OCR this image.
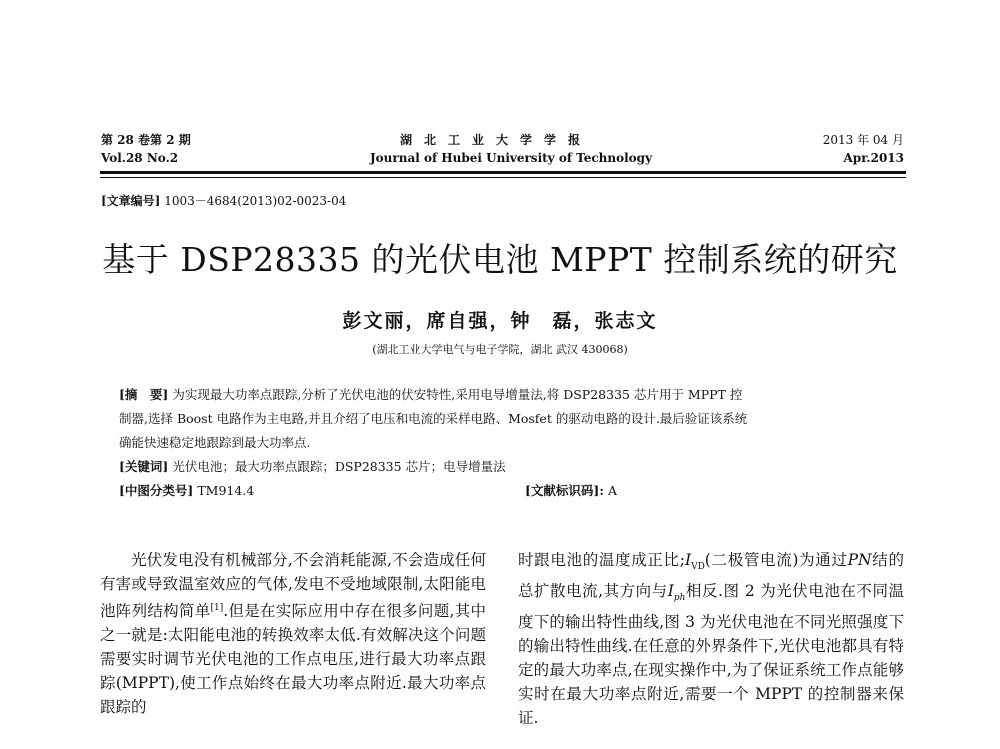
第 28 卷第 2 期
Vol.28 No.2
湖　北　工　业　大　学　学　报
Journal of Hubei University of Technology
2013 年 04 月
Apr.2013
[文章编号] 1003－4684(2013)02-0023-04
基于 DSP28335 的光伏电池 MPPT 控制系统的研究
彭文丽，席自强，钟　磊，张志文
(湖北工业大学电气与电子学院，湖北 武汉 430068)
[摘　要] 为实现最大功率点跟踪,分析了光伏电池的伏安特性,采用电导增量法,将 DSP28335 芯片用于 MPPT 控
制器,选择 Boost 电路作为主电路,并且介绍了电压和电流的采样电路、Mosfet 的驱动电路的设计.最后验证该系统
确能快速稳定地跟踪到最大功率点.
[关键词] 光伏电池；最大功率点跟踪；DSP28335 芯片；电导增量法
[中图分类号] TM914.4	[文献标识码]: A

光伏发电没有机械部分,不会消耗能源,不会造成任何有害或导致温室效应的气体,发电不受地域限制,太阳能电池阵列结构简单[1].但是在实际应用中存在很多问题,其中之一就是:太阳能电池的转换效率太低.有效解决这个问题需要实时调节光伏电池的工作点电压,进行最大功率点跟踪(MPPT),使工作点始终在最大功率点附近.最大功率点跟踪的

时跟电池的温度成正比$;I_{VD}$(二极管电流)为通过PN结的总扩散电流,其方向与$I_{ph}$相反.图 2 为光伏电池在不同温度下的输出特性曲线,图 3 为光伏电池在不同光照强度下的输出特性曲线.在任意的外界条件下,光伏电池都具有特定的最大功率点,在现实操作中,为了保证系统工作点能够实时在最大功率点附近,需要一个 MPPT 的控制器来保证.
